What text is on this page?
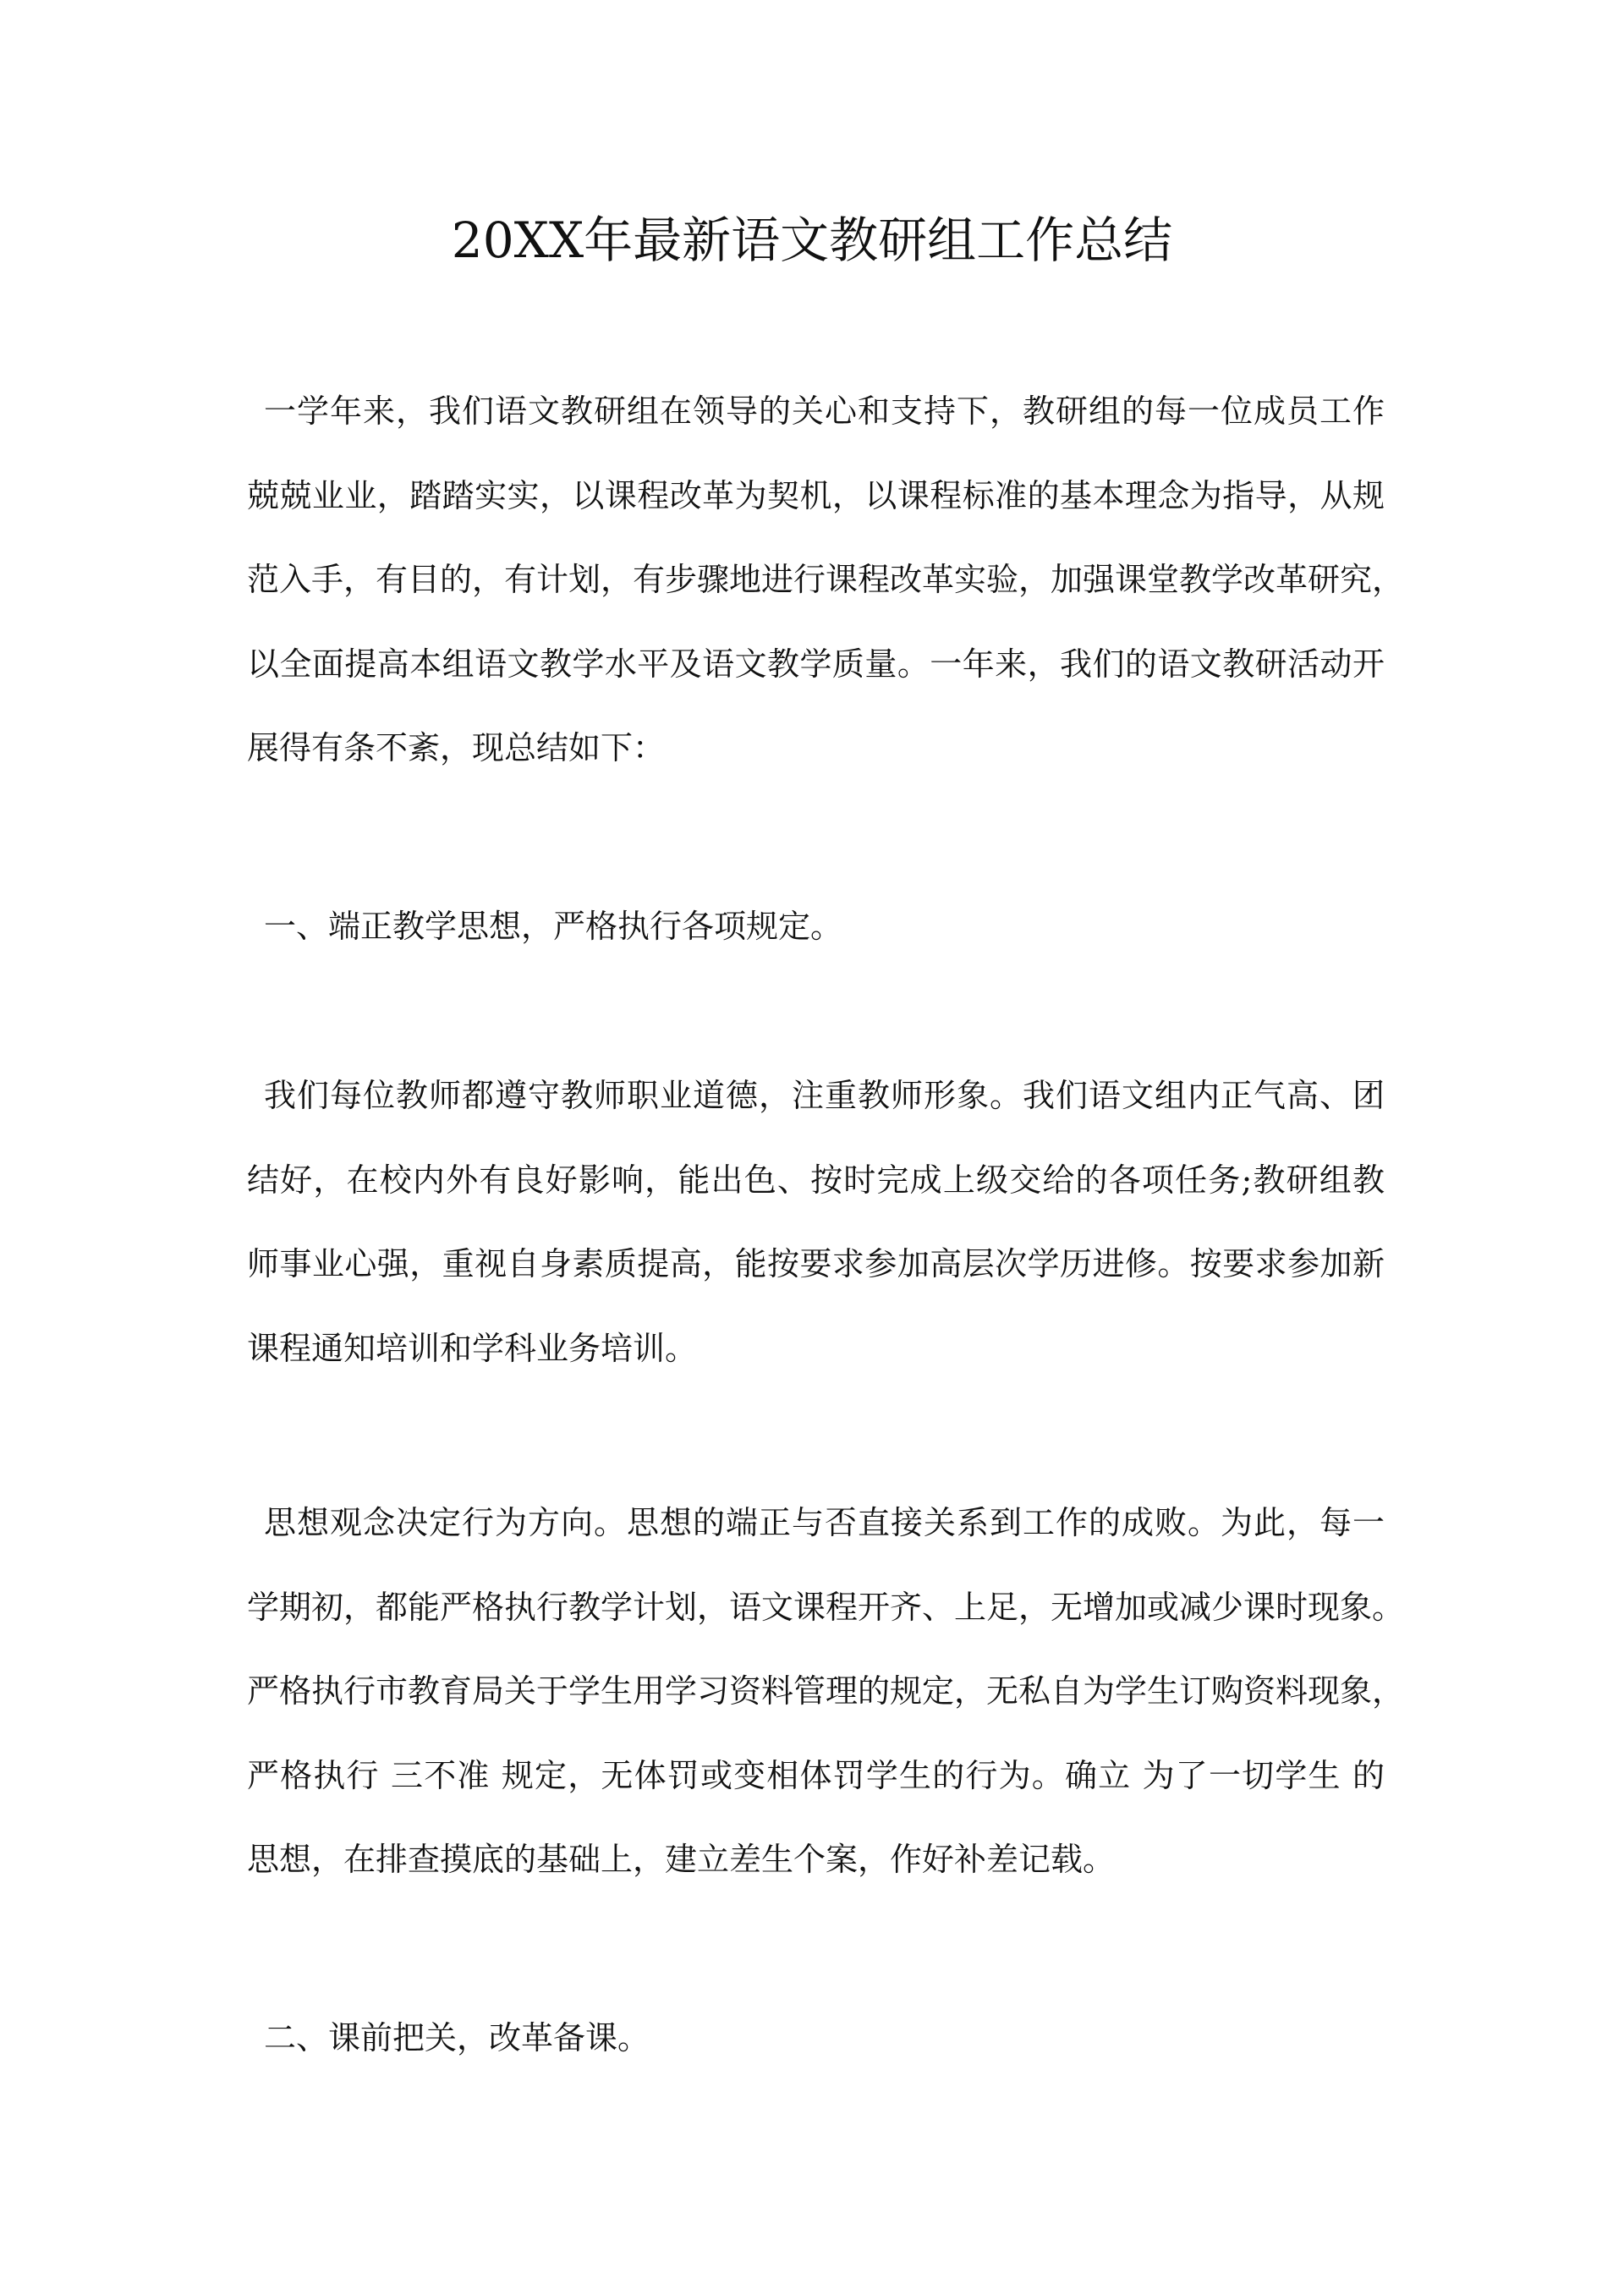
20XX年最新语文教研组工作总结
一学年来，我们语文教研组在领导的关心和支持下，教研组的每一位成员工作
兢兢业业，踏踏实实，以课程改革为契机，以课程标准的基本理念为指导，从规
范入手，有目的，有计划，有步骤地进行课程改革实验，加强课堂教学改革研究，
以全面提高本组语文教学水平及语文教学质量。一年来，我们的语文教研活动开
展得有条不紊，现总结如下：
一、端正教学思想，严格执行各项规定。
我们每位教师都遵守教师职业道德，注重教师形象。我们语文组内正气高、团
结好，在校内外有良好影响，能出色、按时完成上级交给的各项任务;教研组教
师事业心强，重视自身素质提高，能按要求参加高层次学历进修。按要求参加新
课程通知培训和学科业务培训。
思想观念决定行为方向。思想的端正与否直接关系到工作的成败。为此，每一
学期初，都能严格执行教学计划，语文课程开齐、上足，无增加或减少课时现象。
严格执行市教育局关于学生用学习资料管理的规定，无私自为学生订购资料现象，
严格执行 三不准 规定，无体罚或变相体罚学生的行为。确立 为了一切学生 的
思想，在排查摸底的基础上，建立差生个案，作好补差记载。
二、课前把关，改革备课。
